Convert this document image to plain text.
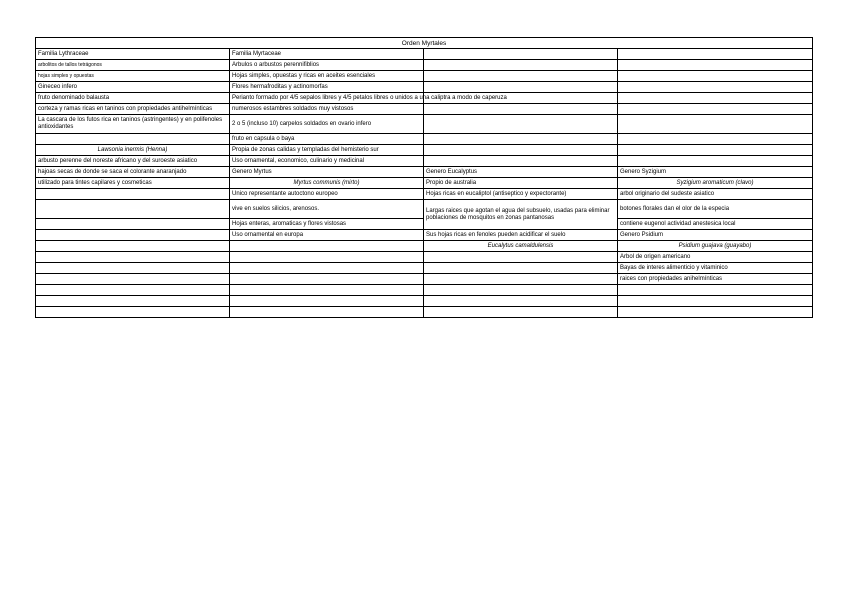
Orden Myrtales			
Familia Lythraceae	Familia Myrtaceae		
arbolitos de tallos tetrágonos	Arbulos o arbustos perennifiblios		
hojas simples y opuestas	Hojas simples, opuestas y ricas en aceites esenciales		
Gineceo infero	Flores hermafroditas y actinomorfas		
fruto denominado balausta	Perianto formado por 4/5 sepalos libres y 4/5 petalos libres o unidos a una caliptra a modo de caperuza		
corteza y ramas ricas en taninos con propiedades antihelmínticas	numerosos estambres soldados muy vistosos		
La cascara de los futos rica en taninos (astringentes) y en polifenoles antioxidantes	2 o 5 (incluso 10) carpelos soldados en ovario infero		
	fruto en capsula o baya		
Lawsonia inermis (Henna)	Propia de zonas calidas y templadas del hemisterio sur		
arbusto perenne del noreste africano y del suroeste asiatico	Uso ornamental, economico, culinario y medicinal		
hajoas secas de donde se saca el colorante anaranjado	Genero Myrtus	Genero Eucalyptus	Genero Syzigium
utilizado para tintes capilares y cosmeticas	Myrtus communis (mirto)	Propio de australia	Syzigium aromaticum (clavo)
	Unico representante autoctono europeo	Hojas ricas en eucaliptol (antiseptico y expectorante)	arbol originario del sudeste asiatico
	vive en suelos silicios, arenosos.	Largas raices que agotan el agua del subsuelo, usadas para eliminar poblaciones de mosquitos en zonas pantanosas	botones florales dan el olor de la especia
	Hojas enteras, aromaticas y flores vistosas		contiene eugenol actividad anestesica local
	Uso ornamental en europa	Sus hojas ricas en fenoles pueden acidificar el suelo	Genero Psidium
		Eucalytus camaldulensis	Psidium guajava (guayabo)
			Arbol de origen americano
			Bayas de interes alimenticio y vitaminico
			raices con propiedades anihelmínticas
